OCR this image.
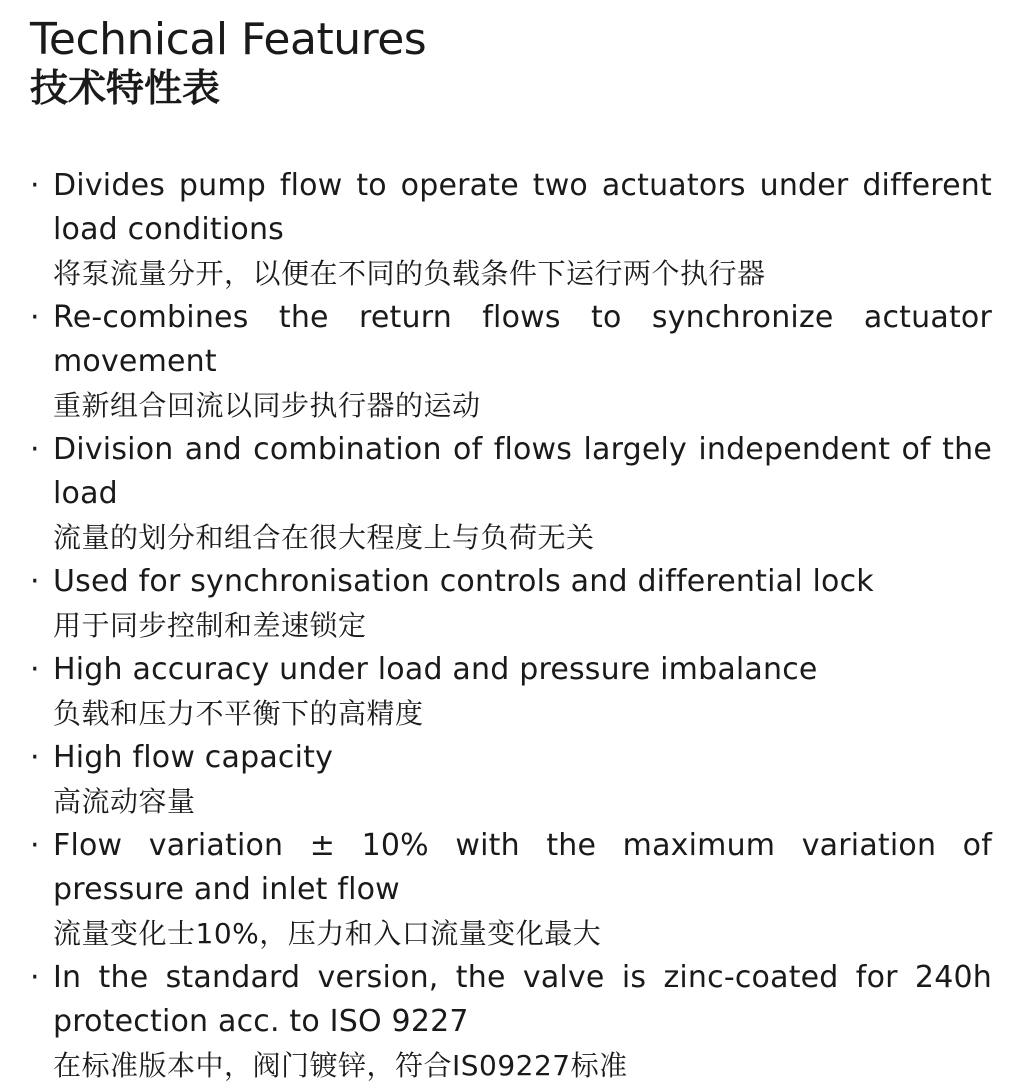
Technical Features
技术特性表
· Divides pump flow to operate two actuators under different load conditions
将泵流量分开，以便在不同的负载条件下运行两个执行器
· Re-combines the return flows to synchronize actuator movement
重新组合回流以同步执行器的运动
· Division and combination of flows largely independent of the load
流量的划分和组合在很大程度上与负荷无关
· Used for synchronisation controls and differential lock
用于同步控制和差速锁定
· High accuracy under load and pressure imbalance
负载和压力不平衡下的高精度
· High flow capacity
高流动容量
· Flow variation ± 10% with the maximum variation of pressure and inlet flow
流量变化士10%，压力和入口流量变化最大
· In the standard version, the valve is zinc-coated for 240h protection acc. to ISO 9227
在标准版本中，阀门镀锌，符合IS09227标准
